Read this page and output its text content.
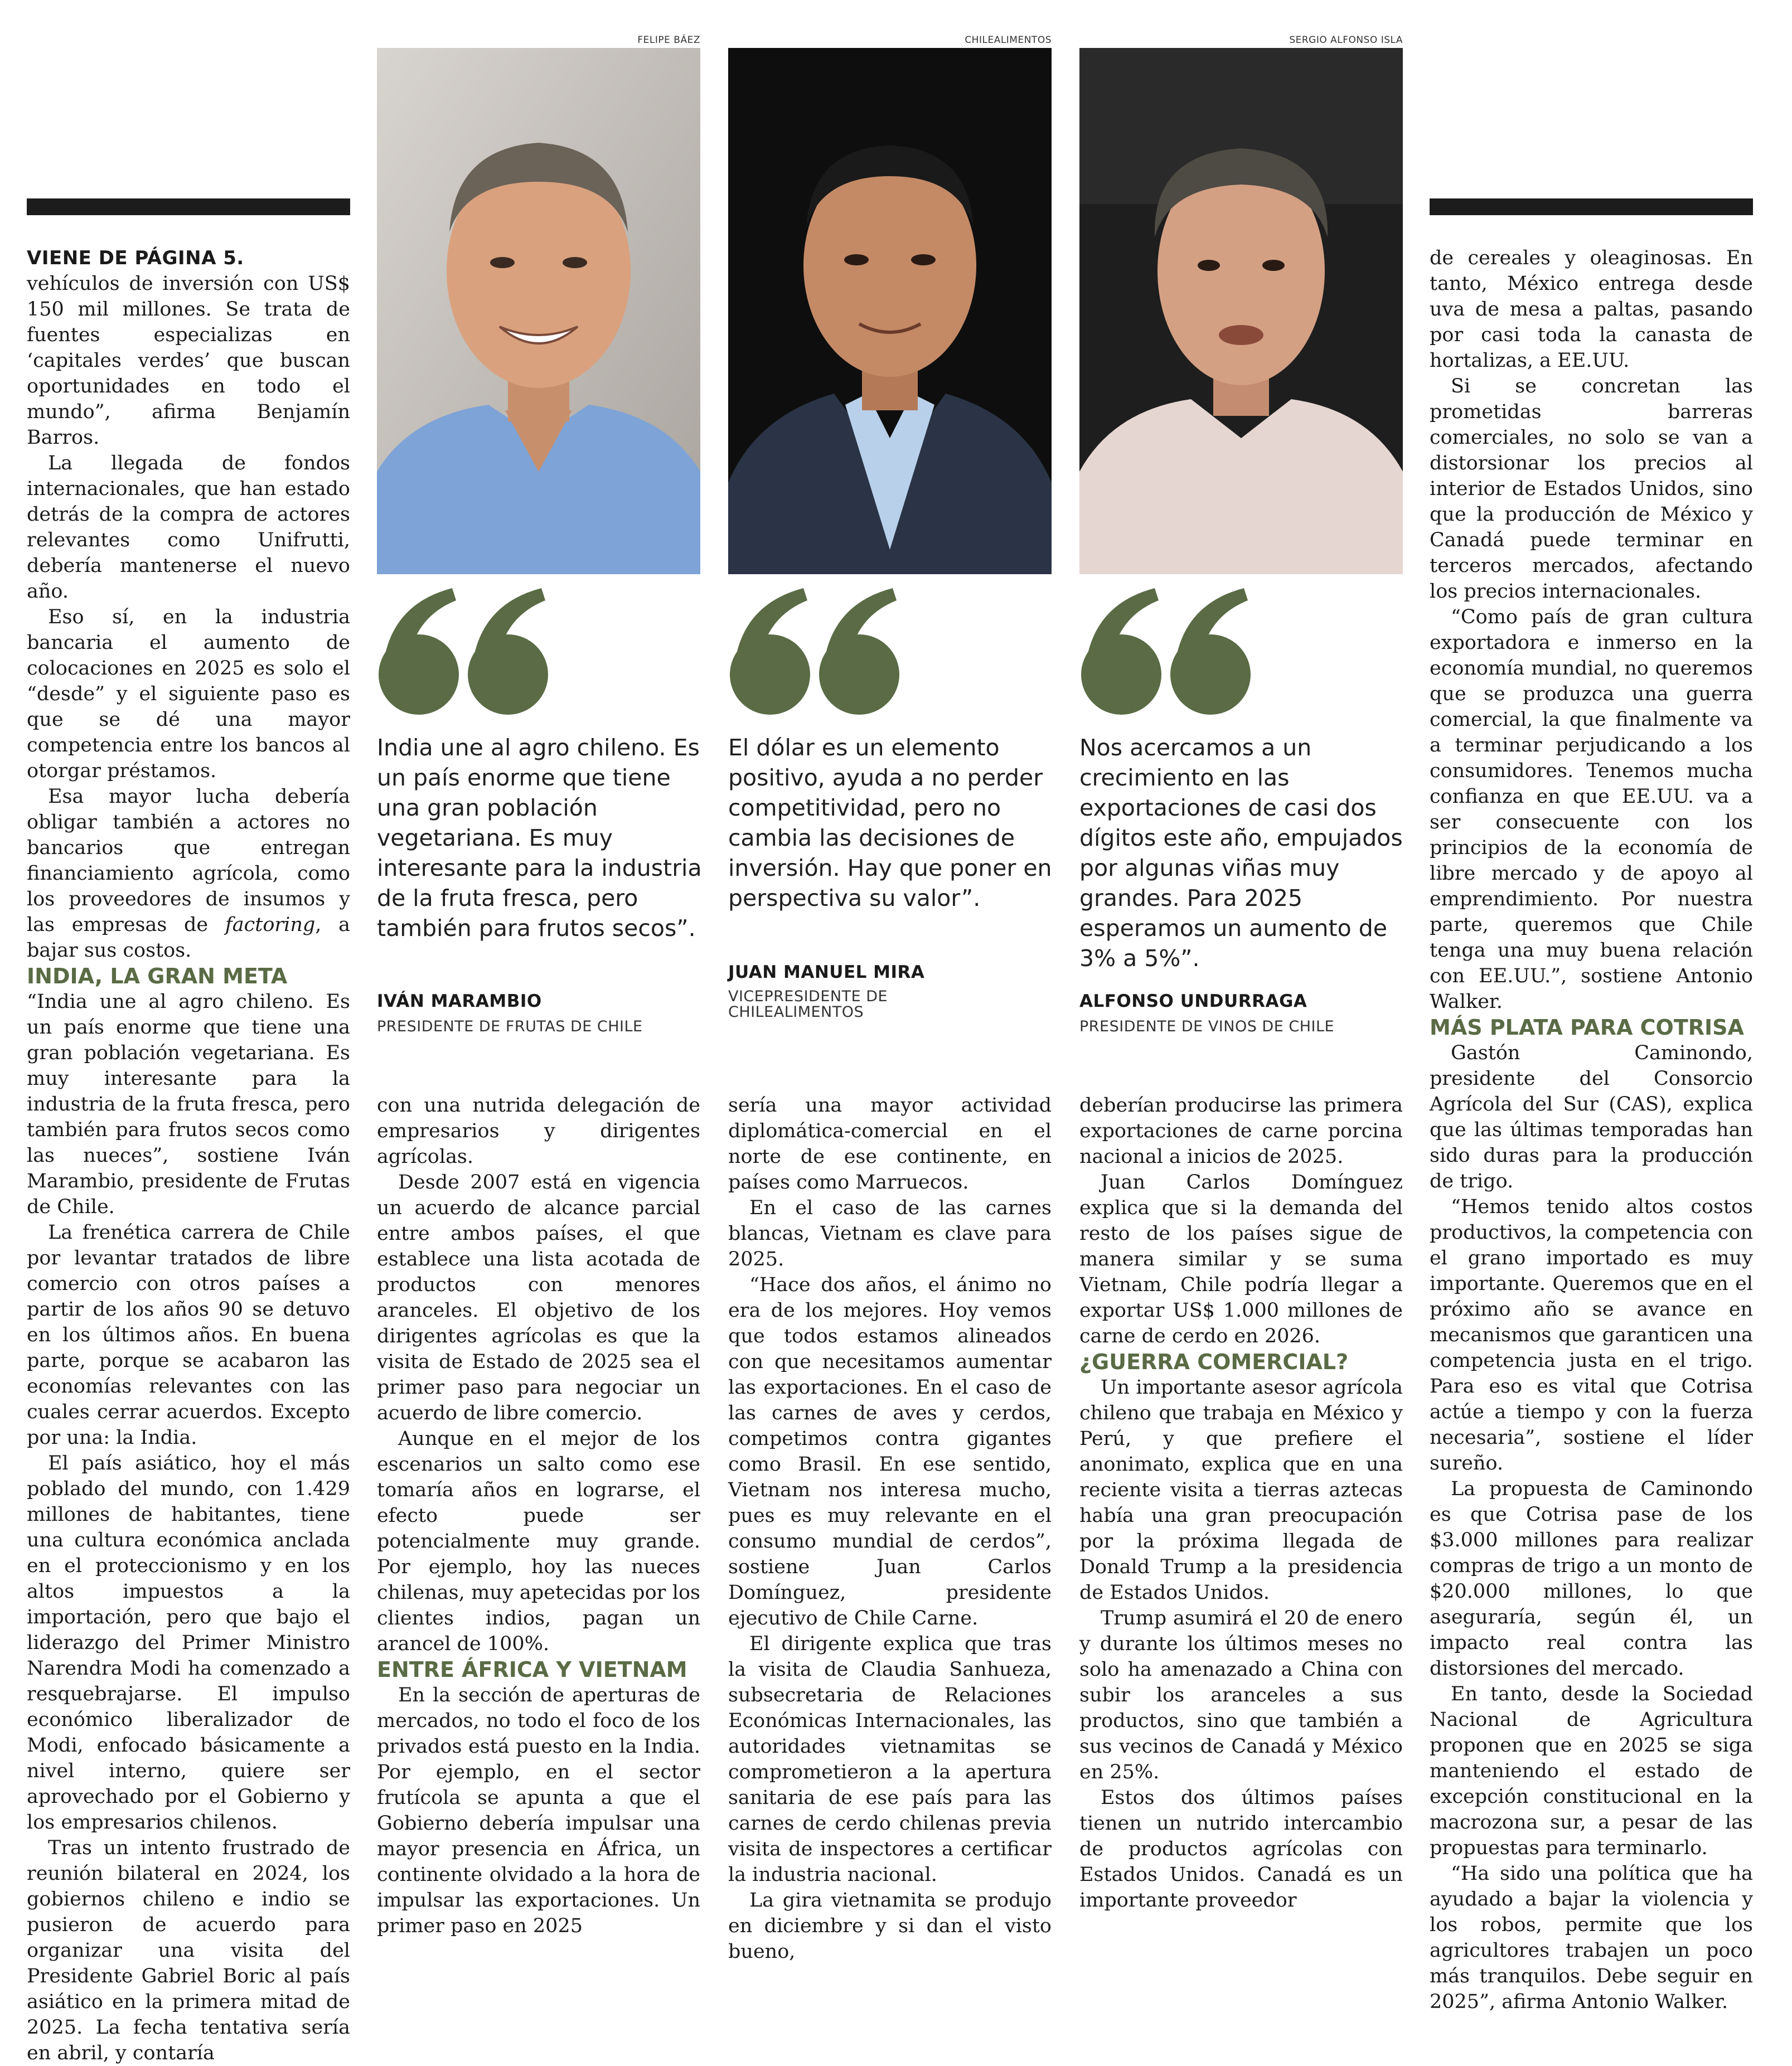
VIENE DE PÁGINA 5.

vehículos de inversión con US$ 150 mil millones. Se trata de fuentes especializas en ‘capitales verdes’ que buscan oportunidades en todo el mundo”, afirma Benjamín Barros.

La llegada de fondos internacionales, que han estado detrás de la compra de actores relevantes como Unifrutti, debería mantenerse el nuevo año.

Eso sí, en la industria bancaria el aumento de colocaciones en 2025 es solo el “desde” y el siguiente paso es que se dé una mayor competencia entre los bancos al otorgar préstamos.

Esa mayor lucha debería obligar también a actores no bancarios que entregan financiamiento agrícola, como los proveedores de insumos y las empresas de factoring, a bajar sus costos.

INDIA, LA GRAN META

“India une al agro chileno. Es un país enorme que tiene una gran población vegetariana. Es muy interesante para la industria de la fruta fresca, pero también para frutos secos como las nueces”, sostiene Iván Marambio, presidente de Frutas de Chile.

La frenética carrera de Chile por levantar tratados de libre comercio con otros países a partir de los años 90 se detuvo en los últimos años. En buena parte, porque se acabaron las economías relevantes con las cuales cerrar acuerdos. Excepto por una: la India.

El país asiático, hoy el más poblado del mundo, con 1.429 millones de habitantes, tiene una cultura económica anclada en el proteccionismo y en los altos impuestos a la importación, pero que bajo el liderazgo del Primer Ministro Narendra Modi ha comenzado a resquebrajarse. El impulso económico liberalizador de Modi, enfocado básicamente a nivel interno, quiere ser aprovechado por el Gobierno y los empresarios chilenos.

Tras un intento frustrado de reunión bilateral en 2024, los gobiernos chileno e indio se pusieron de acuerdo para organizar una visita del Presidente Gabriel Boric al país asiático en la primera mitad de 2025. La fecha tentativa sería en abril, y contaría

FELIPE BÁEZ	CHILEALIMENTOS	SERGIO ALFONSO ISLA
India une al agro chileno. Es un país enorme que tiene una gran población vegetariana. Es muy interesante para la industria de la fruta fresca, pero también para frutos secos”.
IVÁN MARAMBIO
PRESIDENTE DE FRUTAS DE CHILE
El dólar es un elemento positivo, ayuda a no perder competitividad, pero no cambia las decisiones de inversión. Hay que poner en perspectiva su valor”.
JUAN MANUEL MIRA
VICEPRESIDENTE DE CHILEALIMENTOS
Nos acercamos a un crecimiento en las exportaciones de casi dos dígitos este año, empujados por algunas viñas muy grandes. Para 2025 esperamos un aumento de 3% a 5%”.
ALFONSO UNDURRAGA
PRESIDENTE DE VINOS DE CHILE

con una nutrida delegación de empresarios y dirigentes agrícolas.

Desde 2007 está en vigencia un acuerdo de alcance parcial entre ambos países, el que establece una lista acotada de productos con menores aranceles. El objetivo de los dirigentes agrícolas es que la visita de Estado de 2025 sea el primer paso para negociar un acuerdo de libre comercio.

Aunque en el mejor de los escenarios un salto como ese tomaría años en lograrse, el efecto puede ser potencialmente muy grande. Por ejemplo, hoy las nueces chilenas, muy apetecidas por los clientes indios, pagan un arancel de 100%.

ENTRE ÁFRICA Y VIETNAM

En la sección de aperturas de mercados, no todo el foco de los privados está puesto en la India. Por ejemplo, en el sector frutícola se apunta a que el Gobierno debería impulsar una mayor presencia en África, un continente olvidado a la hora de impulsar las exportaciones. Un primer paso en 2025

sería una mayor actividad diplomática-comercial en el norte de ese continente, en países como Marruecos.

En el caso de las carnes blancas, Vietnam es clave para 2025.

“Hace dos años, el ánimo no era de los mejores. Hoy vemos que todos estamos alineados con que necesitamos aumentar las exportaciones. En el caso de las carnes de aves y cerdos, competimos contra gigantes como Brasil. En ese sentido, Vietnam nos interesa mucho, pues es muy relevante en el consumo mundial de cerdos”, sostiene Juan Carlos Domínguez, presidente ejecutivo de Chile Carne.

El dirigente explica que tras la visita de Claudia Sanhueza, subsecretaria de Relaciones Económicas Internacionales, las autoridades vietnamitas se comprometieron a la apertura sanitaria de ese país para las carnes de cerdo chilenas previa visita de inspectores a certificar la industria nacional.

La gira vietnamita se produjo en diciembre y si dan el visto bueno,

deberían producirse las primera exportaciones de carne porcina nacional a inicios de 2025.

Juan Carlos Domínguez explica que si la demanda del resto de los países sigue de manera similar y se suma Vietnam, Chile podría llegar a exportar US$ 1.000 millones de carne de cerdo en 2026.

¿GUERRA COMERCIAL?

Un importante asesor agrícola chileno que trabaja en México y Perú, y que prefiere el anonimato, explica que en una reciente visita a tierras aztecas había una gran preocupación por la próxima llegada de Donald Trump a la presidencia de Estados Unidos.

Trump asumirá el 20 de enero y durante los últimos meses no solo ha amenazado a China con subir los aranceles a sus productos, sino que también a sus vecinos de Canadá y México en 25%.

Estos dos últimos países tienen un nutrido intercambio de productos agrícolas con Estados Unidos. Canadá es un importante proveedor

de cereales y oleaginosas. En tanto, México entrega desde uva de mesa a paltas, pasando por casi toda la canasta de hortalizas, a EE.UU.

Si se concretan las prometidas barreras comerciales, no solo se van a distorsionar los precios al interior de Estados Unidos, sino que la producción de México y Canadá puede terminar en terceros mercados, afectando los precios internacionales.

“Como país de gran cultura exportadora e inmerso en la economía mundial, no queremos que se produzca una guerra comercial, la que finalmente va a terminar perjudicando a los consumidores. Tenemos mucha confianza en que EE.UU. va a ser consecuente con los principios de la economía de libre mercado y de apoyo al emprendimiento. Por nuestra parte, queremos que Chile tenga una muy buena relación con EE.UU.”, sostiene Antonio Walker.

MÁS PLATA PARA COTRISA

Gastón Caminondo, presidente del Consorcio Agrícola del Sur (CAS), explica que las últimas temporadas han sido duras para la producción de trigo.

“Hemos tenido altos costos productivos, la competencia con el grano importado es muy importante. Queremos que en el próximo año se avance en mecanismos que garanticen una competencia justa en el trigo. Para eso es vital que Cotrisa actúe a tiempo y con la fuerza necesaria”, sostiene el líder sureño.

La propuesta de Caminondo es que Cotrisa pase de los $3.000 millones para realizar compras de trigo a un monto de $20.000 millones, lo que aseguraría, según él, un impacto real contra las distorsiones del mercado.

En tanto, desde la Sociedad Nacional de Agricultura proponen que en 2025 se siga manteniendo el estado de excepción constitucional en la macrozona sur, a pesar de las propuestas para terminarlo.

“Ha sido una política que ha ayudado a bajar la violencia y los robos, permite que los agricultores trabajen un poco más tranquilos. Debe seguir en 2025”, afirma Antonio Walker.
